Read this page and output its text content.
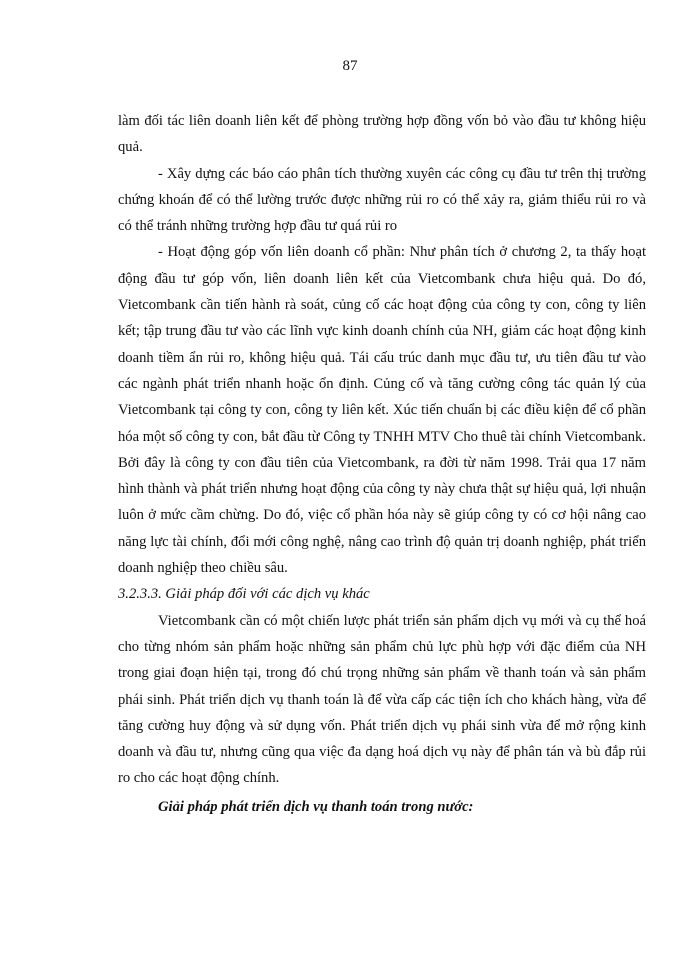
87

làm đối tác liên doanh liên kết để phòng trường hợp đồng vốn bỏ vào đầu tư không hiệu quả.

- Xây dựng các báo cáo phân tích thường xuyên các công cụ đầu tư trên thị trường chứng khoán để có thể lường trước được những rủi ro có thể xảy ra, giảm thiểu rủi ro và có thể tránh những trường hợp đầu tư quá rủi ro

- Hoạt động góp vốn liên doanh cổ phần: Như phân tích ở chương 2, ta thấy hoạt động đầu tư góp vốn, liên doanh liên kết của Vietcombank chưa hiệu quả. Do đó, Vietcombank cần tiến hành rà soát, củng cố các hoạt động của công ty con, công ty liên kết; tập trung đầu tư vào các lĩnh vực kinh doanh chính của NH, giảm các hoạt động kinh doanh tiềm ẩn rủi ro, không hiệu quả. Tái cấu trúc danh mục đầu tư, ưu tiên đầu tư vào các ngành phát triển nhanh hoặc ổn định. Củng cố và tăng cường công tác quản lý của Vietcombank tại công ty con, công ty liên kết. Xúc tiến chuẩn bị các điều kiện để cổ phần hóa một số công ty con, bắt đầu từ Công ty TNHH MTV Cho thuê tài chính Vietcombank. Bởi đây là công ty con đầu tiên của Vietcombank, ra đời từ năm 1998. Trải qua 17 năm hình thành và phát triển nhưng hoạt động của công ty này chưa thật sự hiệu quả, lợi nhuận luôn ở mức cầm chừng. Do đó, việc cổ phần hóa này sẽ giúp công ty có cơ hội nâng cao năng lực tài chính, đổi mới công nghệ, nâng cao trình độ quản trị doanh nghiệp, phát triển doanh nghiệp theo chiều sâu.

3.2.3.3. Giải pháp đối với các dịch vụ khác

Vietcombank cần có một chiến lược phát triển sản phẩm dịch vụ mới và cụ thể hoá cho từng nhóm sản phẩm hoặc những sản phẩm chủ lực phù hợp với đặc điểm của NH trong giai đoạn hiện tại, trong đó chú trọng những sản phẩm về thanh toán và sản phẩm phái sinh. Phát triển dịch vụ thanh toán là để vừa cấp các tiện ích cho khách hàng, vừa để tăng cường huy động và sử dụng vốn. Phát triển dịch vụ phái sinh vừa để mở rộng kinh doanh và đầu tư, nhưng cũng qua việc đa dạng hoá dịch vụ này để phân tán và bù đắp rủi ro cho các hoạt động chính.

Giải pháp phát triển dịch vụ thanh toán trong nước:
